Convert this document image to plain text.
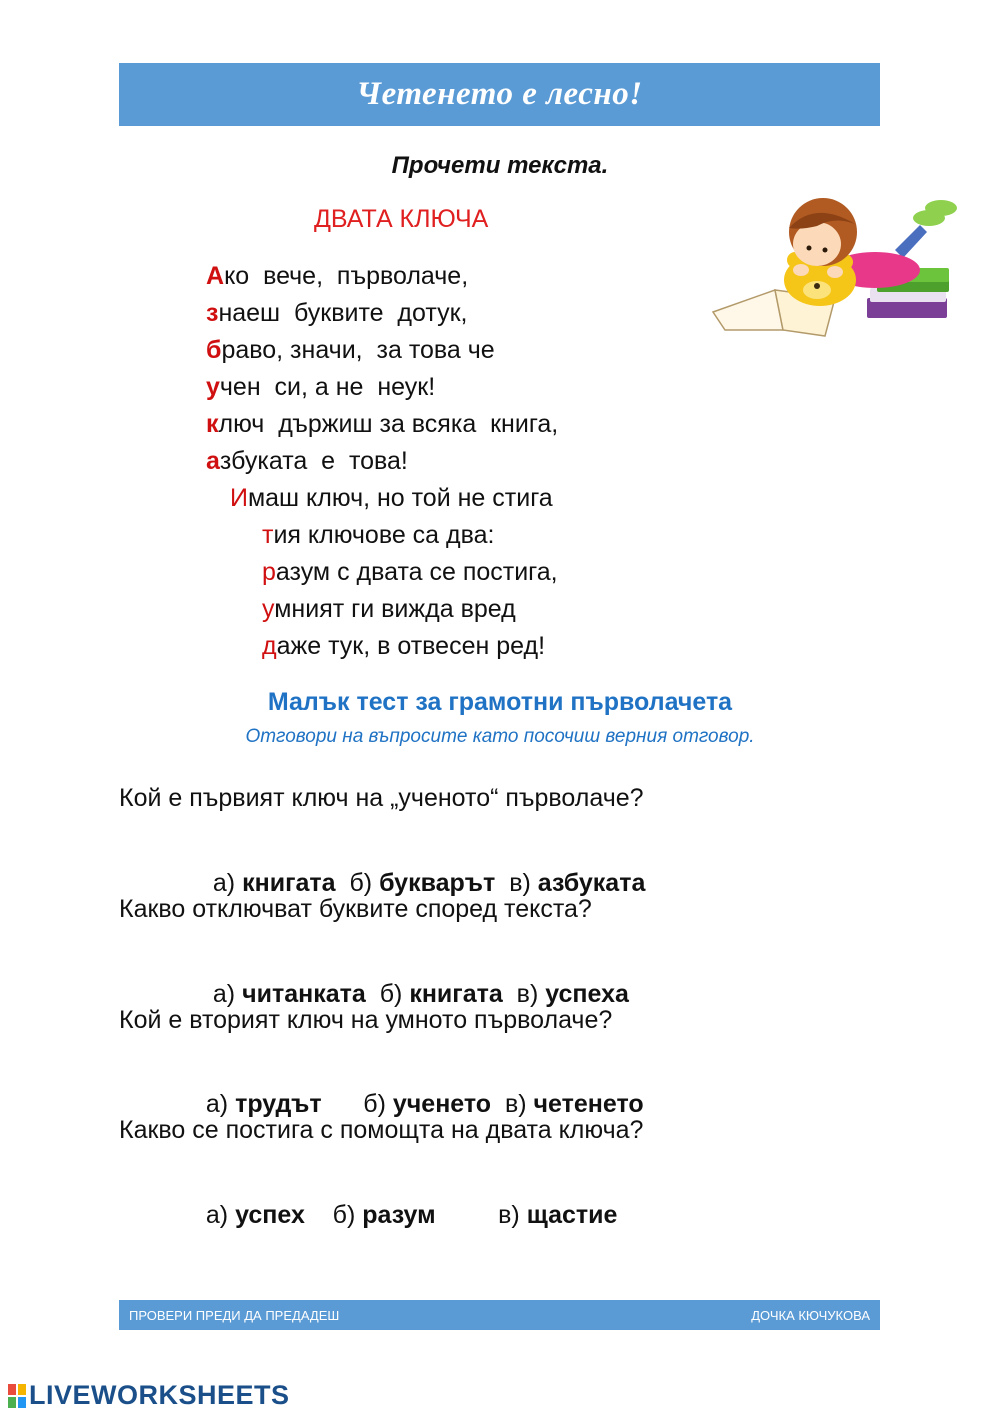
Четенето е лесно!
Прочети текста.
ДВАТА КЛЮЧА
Ако  вече,  първолаче,
знаеш  буквите  дотук,
браво, значи,  за това че
учен  си, а не  неук!
ключ  държиш за всяка  книга,
азбуката  е  това!
Имаш ключ, но той не стига
тия ключове са два:
разум с двата се постига,
умният ги вижда вред
даже тук, в отвесен ред!
Малък тест за грамотни първолачета
Отговори на въпросите като посочиш верния отговор.
Кой е първият ключ на „ученото“ първолаче?

а) книгата б) букварът в) азбуката

Какво отключват буквите според текста?

а) читанката б) книгата в) успеха

Кой е вторият ключ на умното първолаче?

а) трудът б) ученето в) четенето

Какво се постига с помощта на двата ключа?

а) успех б) разум	в) щастие

ПРОВЕРИ ПРЕДИ ДА ПРЕДАДЕШ	ДОЧКА КЮЧУКОВА
LIVEWORKSHEETS
